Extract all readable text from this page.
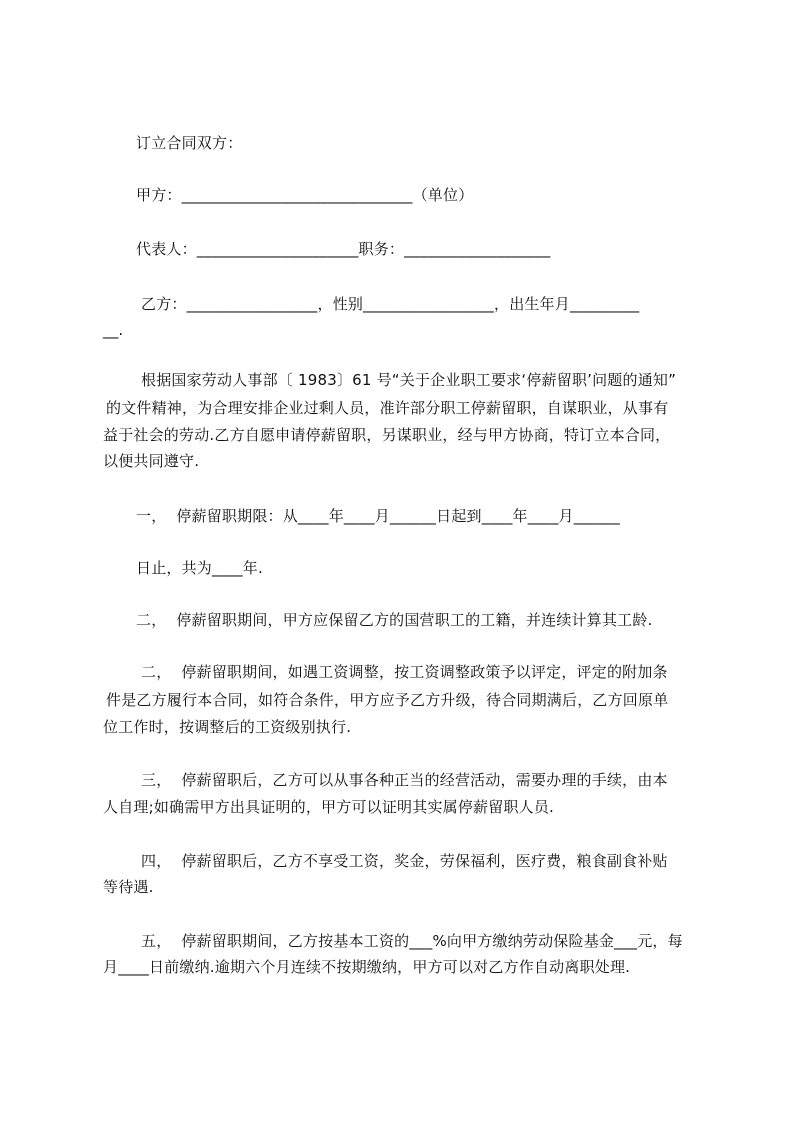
订立合同双方：
甲方：______________________________（单位）
代表人：_____________________职务：___________________
乙方：_________________，性别_________________，出生年月_________
__.
根据国家劳动人事部〔 1983〕61 号“关于企业职工要求‘停薪留职’问题的通知”
的文件精神，为合理安排企业过剩人员，准许部分职工停薪留职，自谋职业，从事有
益于社会的劳动.乙方自愿申请停薪留职，另谋职业，经与甲方协商，特订立本合同，
以便共同遵守.
一，  停薪留职期限：从____年____月______日起到____年____月______
日止，共为____年.
二，  停薪留职期间，甲方应保留乙方的国营职工的工籍，并连续计算其工龄.
二，  停薪留职期间，如遇工资调整，按工资调整政策予以评定，评定的附加条
件是乙方履行本合同，如符合条件，甲方应予乙方升级，待合同期满后，乙方回原单
位工作时，按调整后的工资级别执行.
三，  停薪留职后，乙方可以从事各种正当的经营活动，需要办理的手续，由本
人自理;如确需甲方出具证明的，甲方可以证明其实属停薪留职人员.
四，  停薪留职后，乙方不享受工资，奖金，劳保福利，医疗费，粮食副食补贴
等待遇.
五，  停薪留职期间，乙方按基本工资的___%向甲方缴纳劳动保险基金___元，每
月____日前缴纳.逾期六个月连续不按期缴纳，甲方可以对乙方作自动离职处理.
